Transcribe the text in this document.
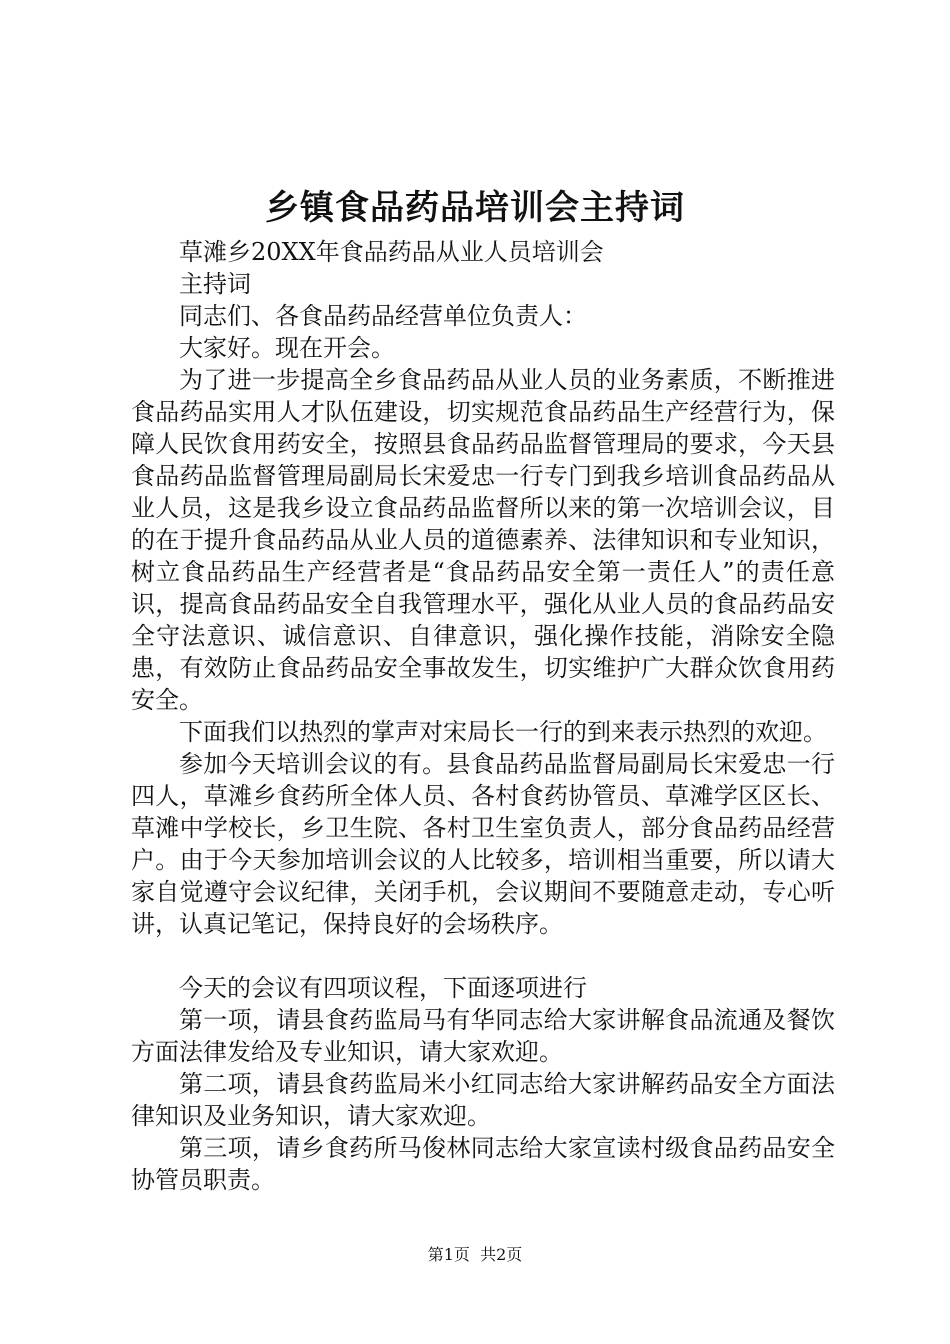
乡镇食品药品培训会主持词

草滩乡20XX年食品药品从业人员培训会

主持词

同志们、各食品药品经营单位负责人：

大家好。现在开会。

为了进一步提高全乡食品药品从业人员的业务素质，不断推进食品药品实用人才队伍建设，切实规范食品药品生产经营行为，保障人民饮食用药安全，按照县食品药品监督管理局的要求，今天县食品药品监督管理局副局长宋爱忠一行专门到我乡培训食品药品从业人员，这是我乡设立食品药品监督所以来的第一次培训会议，目的在于提升食品药品从业人员的道德素养、法律知识和专业知识，树立食品药品生产经营者是“食品药品安全第一责任人”的责任意识，提高食品药品安全自我管理水平，强化从业人员的食品药品安全守法意识、诚信意识、自律意识，强化操作技能，消除安全隐患，有效防止食品药品安全事故发生，切实维护广大群众饮食用药安全。

下面我们以热烈的掌声对宋局长一行的到来表示热烈的欢迎。

参加今天培训会议的有。县食品药品监督局副局长宋爱忠一行四人，草滩乡食药所全体人员、各村食药协管员、草滩学区区长、草滩中学校长，乡卫生院、各村卫生室负责人，部分食品药品经营户。由于今天参加培训会议的人比较多，培训相当重要，所以请大家自觉遵守会议纪律，关闭手机，会议期间不要随意走动，专心听讲，认真记笔记，保持良好的会场秩序。

今天的会议有四项议程，下面逐项进行

第一项，请县食药监局马有华同志给大家讲解食品流通及餐饮方面法律发给及专业知识，请大家欢迎。

第二项，请县食药监局米小红同志给大家讲解药品安全方面法律知识及业务知识，请大家欢迎。

第三项，请乡食药所马俊林同志给大家宣读村级食品药品安全协管员职责。

第1页 共2页
